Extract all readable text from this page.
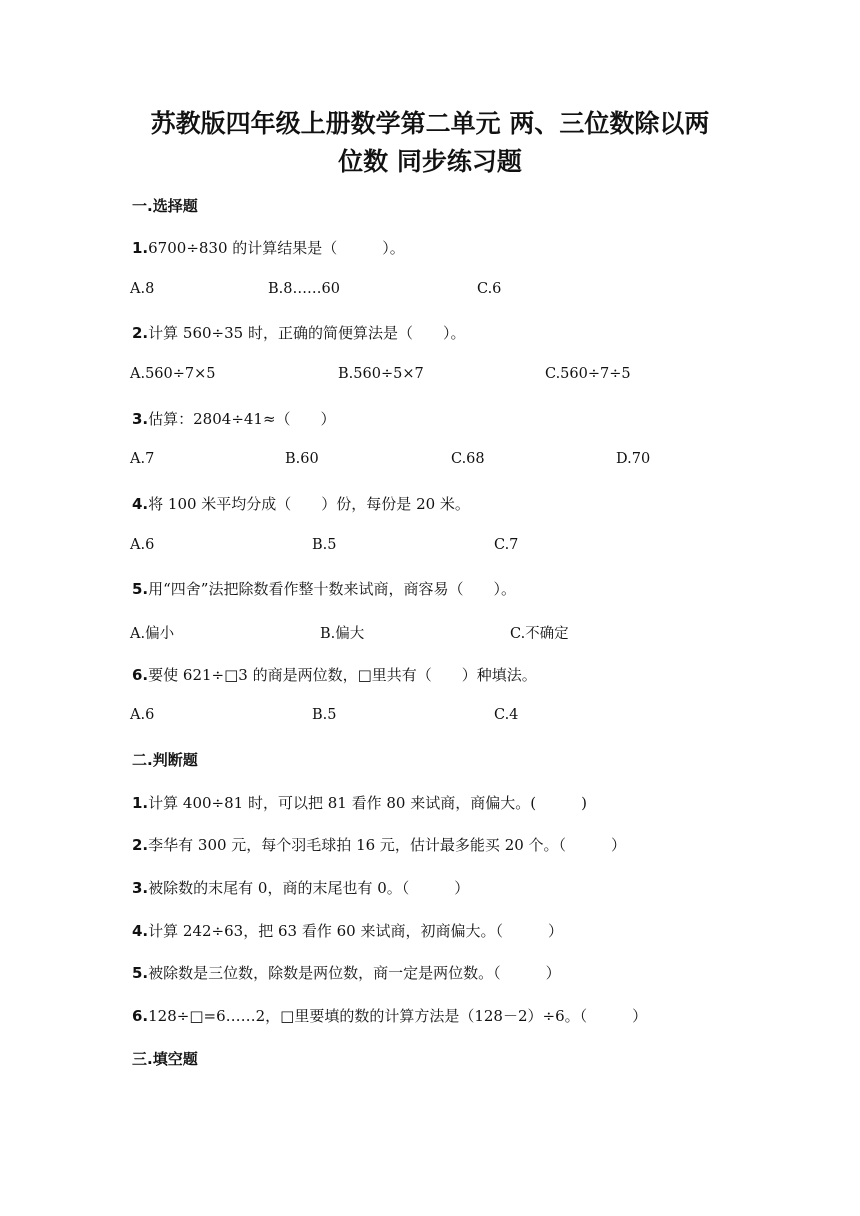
苏教版四年级上册数学第二单元 两、三位数除以两
位数 同步练习题
一.选择题
1.6700÷830 的计算结果是（　　　）。
A.8	B.8……60	C.6
2.计算 560÷35 时，正确的简便算法是（　　）。
A.560÷7×5	B.560÷5×7	C.560÷7÷5
3.估算：2804÷41≈（　　）
A.7	B.60	C.68	D.70
4.将 100 米平均分成（　　）份，每份是 20 米。
A.6	B.5	C.7
5.用“四舍”法把除数看作整十数来试商，商容易（　　）。
A.偏小	B.偏大	C.不确定
6.要使 621÷□3 的商是两位数，□里共有（　　）种填法。
A.6	B.5	C.4
二.判断题
1.计算 400÷81 时，可以把 81 看作 80 来试商，商偏大。(　　　)
2.李华有 300 元，每个羽毛球拍 16 元，估计最多能买 20 个。（　　　）
3.被除数的末尾有 0，商的末尾也有 0。（　　　）
4.计算 242÷63，把 63 看作 60 来试商，初商偏大。（　　　）
5.被除数是三位数，除数是两位数，商一定是两位数。（　　　）
6.128÷□=6……2，□里要填的数的计算方法是（128－2）÷6。（　　　）
三.填空题
